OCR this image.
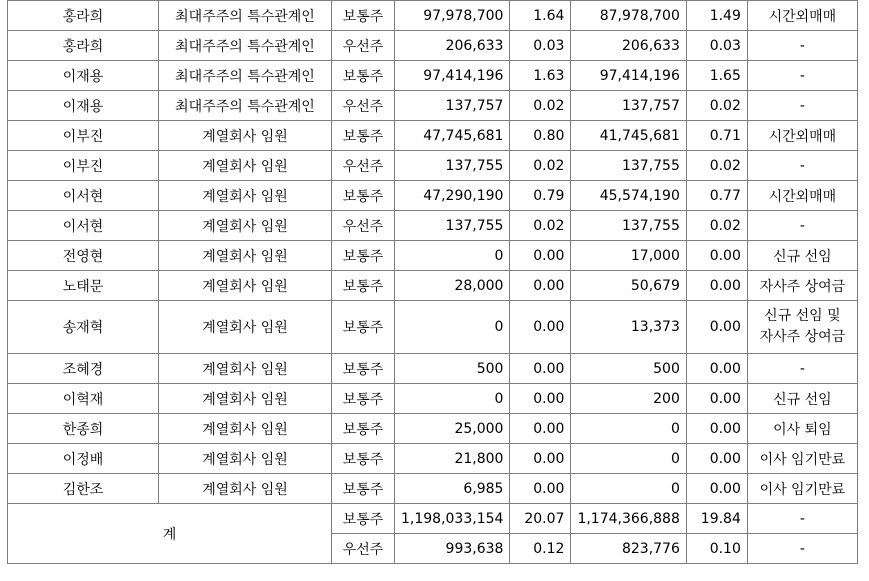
홍라희	최대주주의 특수관계인	보통주	97,978,700	1.64	87,978,700	1.49	시간외매매
홍라희	최대주주의 특수관계인	우선주	206,633	0.03	206,633	0.03	-
이재용	최대주주의 특수관계인	보통주	97,414,196	1.63	97,414,196	1.65	-
이재용	최대주주의 특수관계인	우선주	137,757	0.02	137,757	0.02	-
이부진	계열회사 임원	보통주	47,745,681	0.80	41,745,681	0.71	시간외매매
이부진	계열회사 임원	우선주	137,755	0.02	137,755	0.02	-
이서현	계열회사 임원	보통주	47,290,190	0.79	45,574,190	0.77	시간외매매
이서현	계열회사 임원	우선주	137,755	0.02	137,755	0.02	-
전영현	계열회사 임원	보통주	0	0.00	17,000	0.00	신규 선임
노태문	계열회사 임원	보통주	28,000	0.00	50,679	0.00	자사주 상여금
송재혁	계열회사 임원	보통주	0	0.00	13,373	0.00	신규 선임 및
자사주 상여금

조혜경	계열회사 임원	보통주	500	0.00	500	0.00	-
이혁재	계열회사 임원	보통주	0	0.00	200	0.00	신규 선임
한종희	계열회사 임원	보통주	25,000	0.00	0	0.00	이사 퇴임
이정배	계열회사 임원	보통주	21,800	0.00	0	0.00	이사 임기만료
김한조	계열회사 임원	보통주	6,985	0.00	0	0.00	이사 임기만료
계		보통주	1,198,033,154	20.07	1,174,366,888	19.84	-
		우선주	993,638	0.12	823,776	0.10	-
